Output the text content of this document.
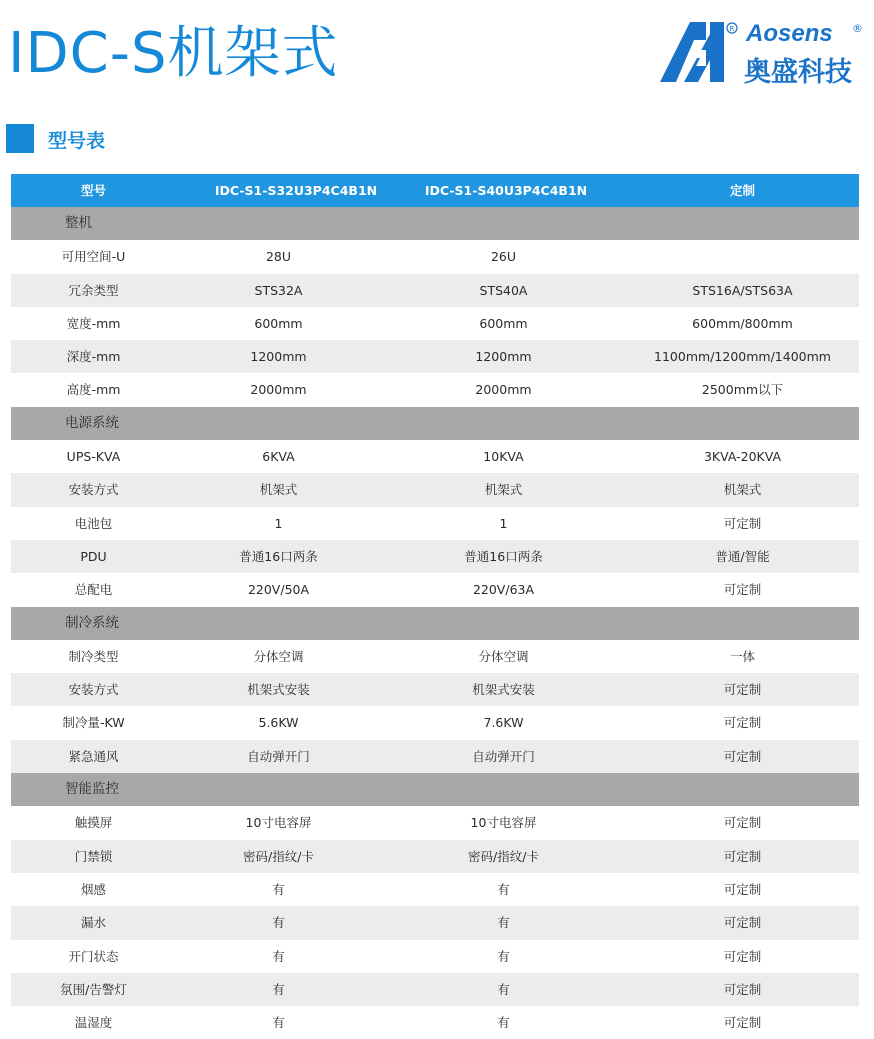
IDC-S机架式	R Aosens ®
奥盛科技
型号表
型号	IDC-S1-S32U3P4C4B1N	IDC-S1-S40U3P4C4B1N	定制
整机
可用空间-U	28U	26U
冗余类型	STS32A	STS40A	STS16A/STS63A
宽度-mm	600mm	600mm	600mm/800mm
深度-mm	1200mm	1200mm	1100mm/1200mm/1400mm
高度-mm	2000mm	2000mm	2500mm以下
电源系统
UPS-KVA	6KVA	10KVA	3KVA-20KVA
安装方式	机架式	机架式	机架式
电池包	1	1	可定制
PDU	普通16口两条	普通16口两条	普通/智能
总配电	220V/50A	220V/63A	可定制
制冷系统
制冷类型	分体空调	分体空调	一体
安装方式	机架式安装	机架式安装	可定制
制冷量-KW	5.6KW	7.6KW	可定制
紧急通风	自动弹开门	自动弹开门	可定制
智能监控
触摸屏	10寸电容屏	10寸电容屏	可定制
门禁锁	密码/指纹/卡	密码/指纹/卡	可定制
烟感	有	有	可定制
漏水	有	有	可定制
开门状态	有	有	可定制
氛围/告警灯	有	有	可定制
温湿度	有	有	可定制
